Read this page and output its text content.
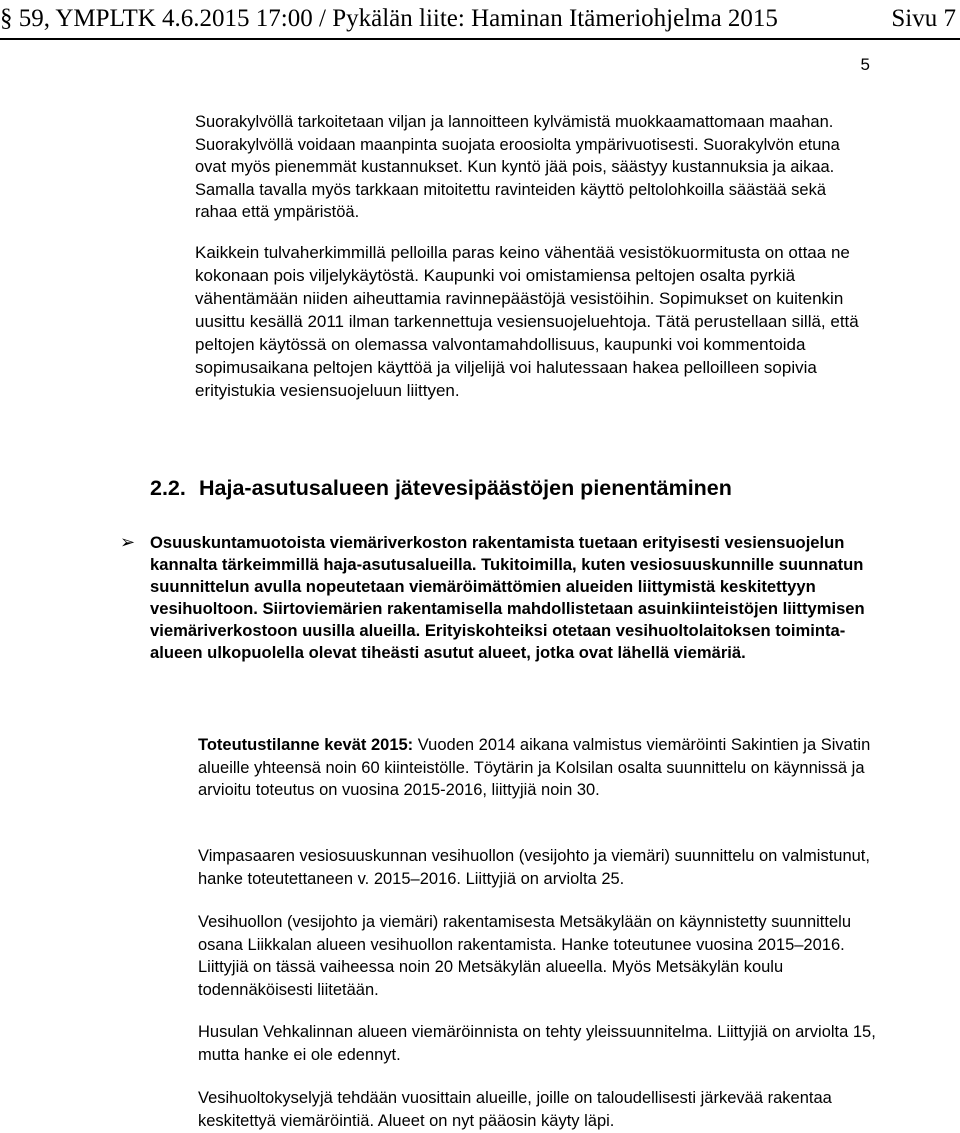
§ 59, YMPLTK 4.6.2015 17:00 / Pykälän liite: Haminan Itämeriohjelma 2015	Sivu 7
5

Suorakylvöllä tarkoitetaan viljan ja lannoitteen kylvämistä muokkaamattomaan maahan. Suorakylvöllä voidaan maanpinta suojata eroosiolta ympärivuotisesti. Suorakylvön etuna ovat myös pienemmät kustannukset. Kun kyntö jää pois, säästyy kustannuksia ja aikaa. Samalla tavalla myös tarkkaan mitoitettu ravinteiden käyttö peltolohkoilla säästää sekä rahaa että ympäristöä.

Kaikkein tulvaherkimmillä pelloilla paras keino vähentää vesistökuormitusta on ottaa ne kokonaan pois viljelykäytöstä. Kaupunki voi omistamiensa peltojen osalta pyrkiä vähentämään niiden aiheuttamia ravinnepäästöjä vesistöihin. Sopimukset on kuitenkin uusittu kesällä 2011 ilman tarkennettuja vesiensuojeluehtoja. Tätä perustellaan sillä, että peltojen käytössä on olemassa valvontamahdollisuus, kaupunki voi kommentoida sopimusaikana peltojen käyttöä ja viljelijä voi halutessaan hakea pelloilleen sopivia erityistukia vesiensuojeluun liittyen.

2.2. Haja-asutusalueen jätevesipäästöjen pienentäminen
➢ Osuuskuntamuotoista viemäriverkoston rakentamista tuetaan erityisesti vesiensuojelun kannalta tärkeimmillä haja-asutusalueilla. Tukitoimilla, kuten vesiosuuskunnille suunnatun suunnittelun avulla nopeutetaan viemäröimättömien alueiden liittymistä keskitettyyn vesihuoltoon. Siirtoviemärien rakentamisella mahdollistetaan asuinkiinteistöjen liittymisen viemäriverkostoon uusilla alueilla. Erityiskohteiksi otetaan vesihuoltolaitoksen toiminta-alueen ulkopuolella olevat tiheästi asutut alueet, jotka ovat lähellä viemäriä.

Toteutustilanne kevät 2015: Vuoden 2014 aikana valmistus viemäröinti Sakintien ja Sivatin alueille yhteensä noin 60 kiinteistölle. Töytärin ja Kolsilan osalta suunnittelu on käynnissä ja arvioitu toteutus on vuosina 2015-2016, liittyjiä noin 30.

Vimpasaaren vesiosuuskunnan vesihuollon (vesijohto ja viemäri) suunnittelu on valmistunut, hanke toteutettaneen v. 2015–2016. Liittyjiä on arviolta 25.

Vesihuollon (vesijohto ja viemäri) rakentamisesta Metsäkylään on käynnistetty suunnittelu osana Liikkalan alueen vesihuollon rakentamista. Hanke toteutunee vuosina 2015–2016. Liittyjiä on tässä vaiheessa noin 20 Metsäkylän alueella. Myös Metsäkylän koulu todennäköisesti liitetään.

Husulan Vehkalinnan alueen viemäröinnista on tehty yleissuunnitelma. Liittyjiä on arviolta 15, mutta hanke ei ole edennyt.

Vesihuoltokyselyjä tehdään vuosittain alueille, joille on taloudellisesti järkevää rakentaa keskitettyä viemäröintiä. Alueet on nyt pääosin käyty läpi.
